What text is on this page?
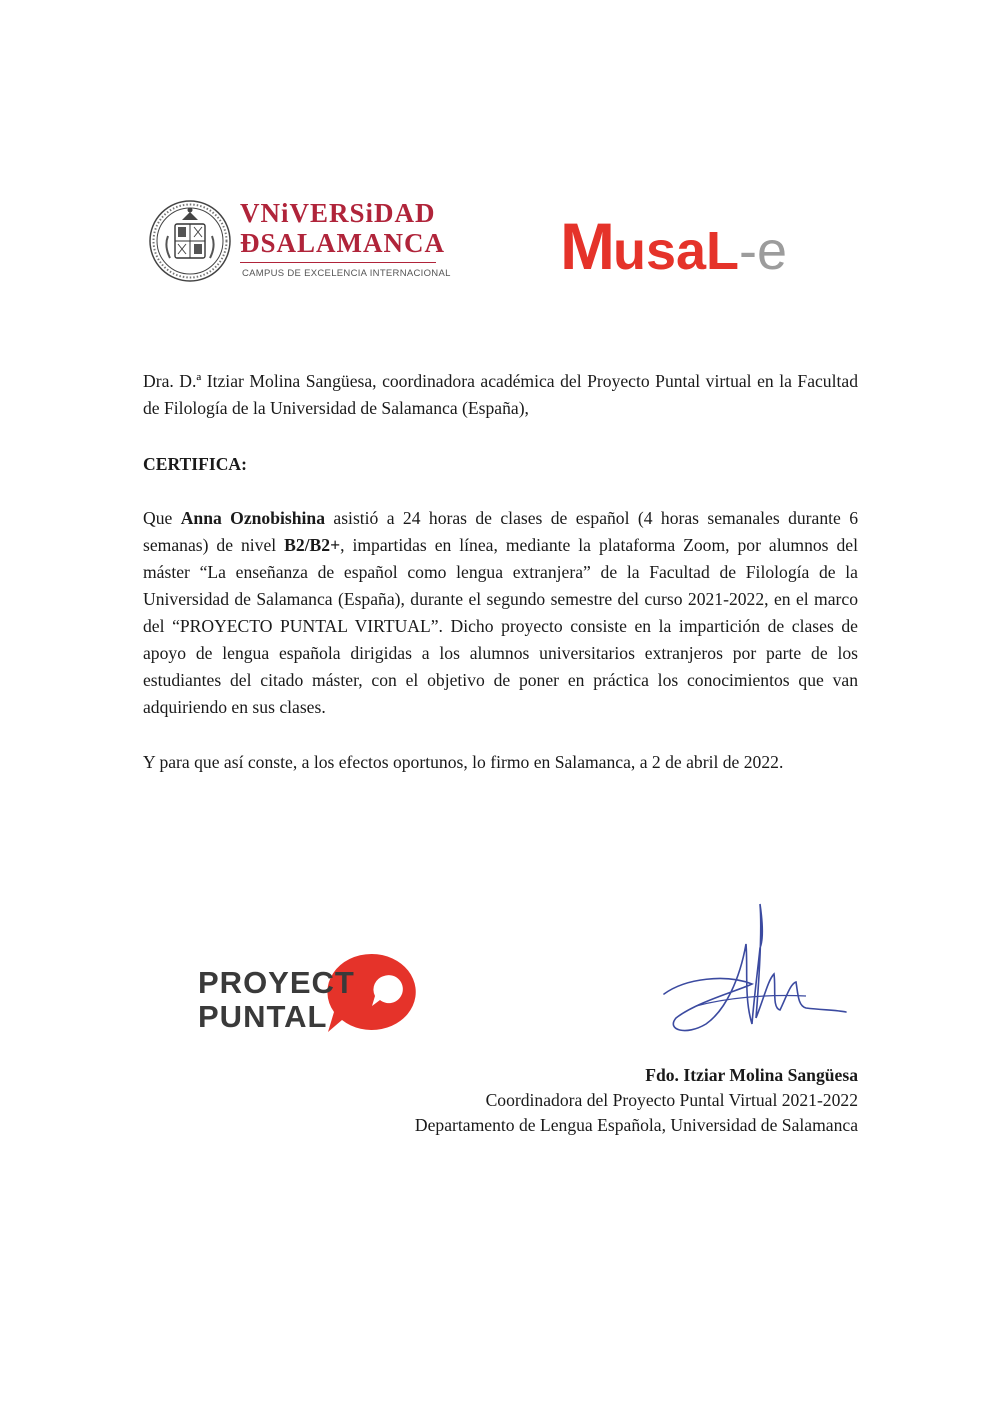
VNiVERSiDAD
ÐSALAMANCA
CAMPUS DE EXCELENCIA INTERNACIONAL MusaL-e
Dra. D.ª Itziar Molina Sangüesa, coordinadora académica del Proyecto Puntal virtual en la Facultad de Filología de la Universidad de Salamanca (España),
CERTIFICA:
Que Anna Oznobishina asistió a 24 horas de clases de español (4 horas semanales durante 6 semanas) de nivel B2/B2+, impartidas en línea, mediante la plataforma Zoom, por alumnos del máster “La enseñanza de español como lengua extranjera” de la Facultad de Filología de la Universidad de Salamanca (España), durante el segundo semestre del curso 2021-2022, en el marco del “PROYECTO PUNTAL VIRTUAL”. Dicho proyecto consiste en la impartición de clases de apoyo de lengua española dirigidas a los alumnos universitarios extranjeros por parte de los estudiantes del citado máster, con el objetivo de poner en práctica los conocimientos que van adquiriendo en sus clases.
Y para que así conste, a los efectos oportunos, lo firmo en Salamanca, a 2 de abril de 2022.
PROYECT
PUNTAL
Fdo. Itziar Molina Sangüesa
Coordinadora del Proyecto Puntal Virtual 2021-2022
Departamento de Lengua Española, Universidad de Salamanca
